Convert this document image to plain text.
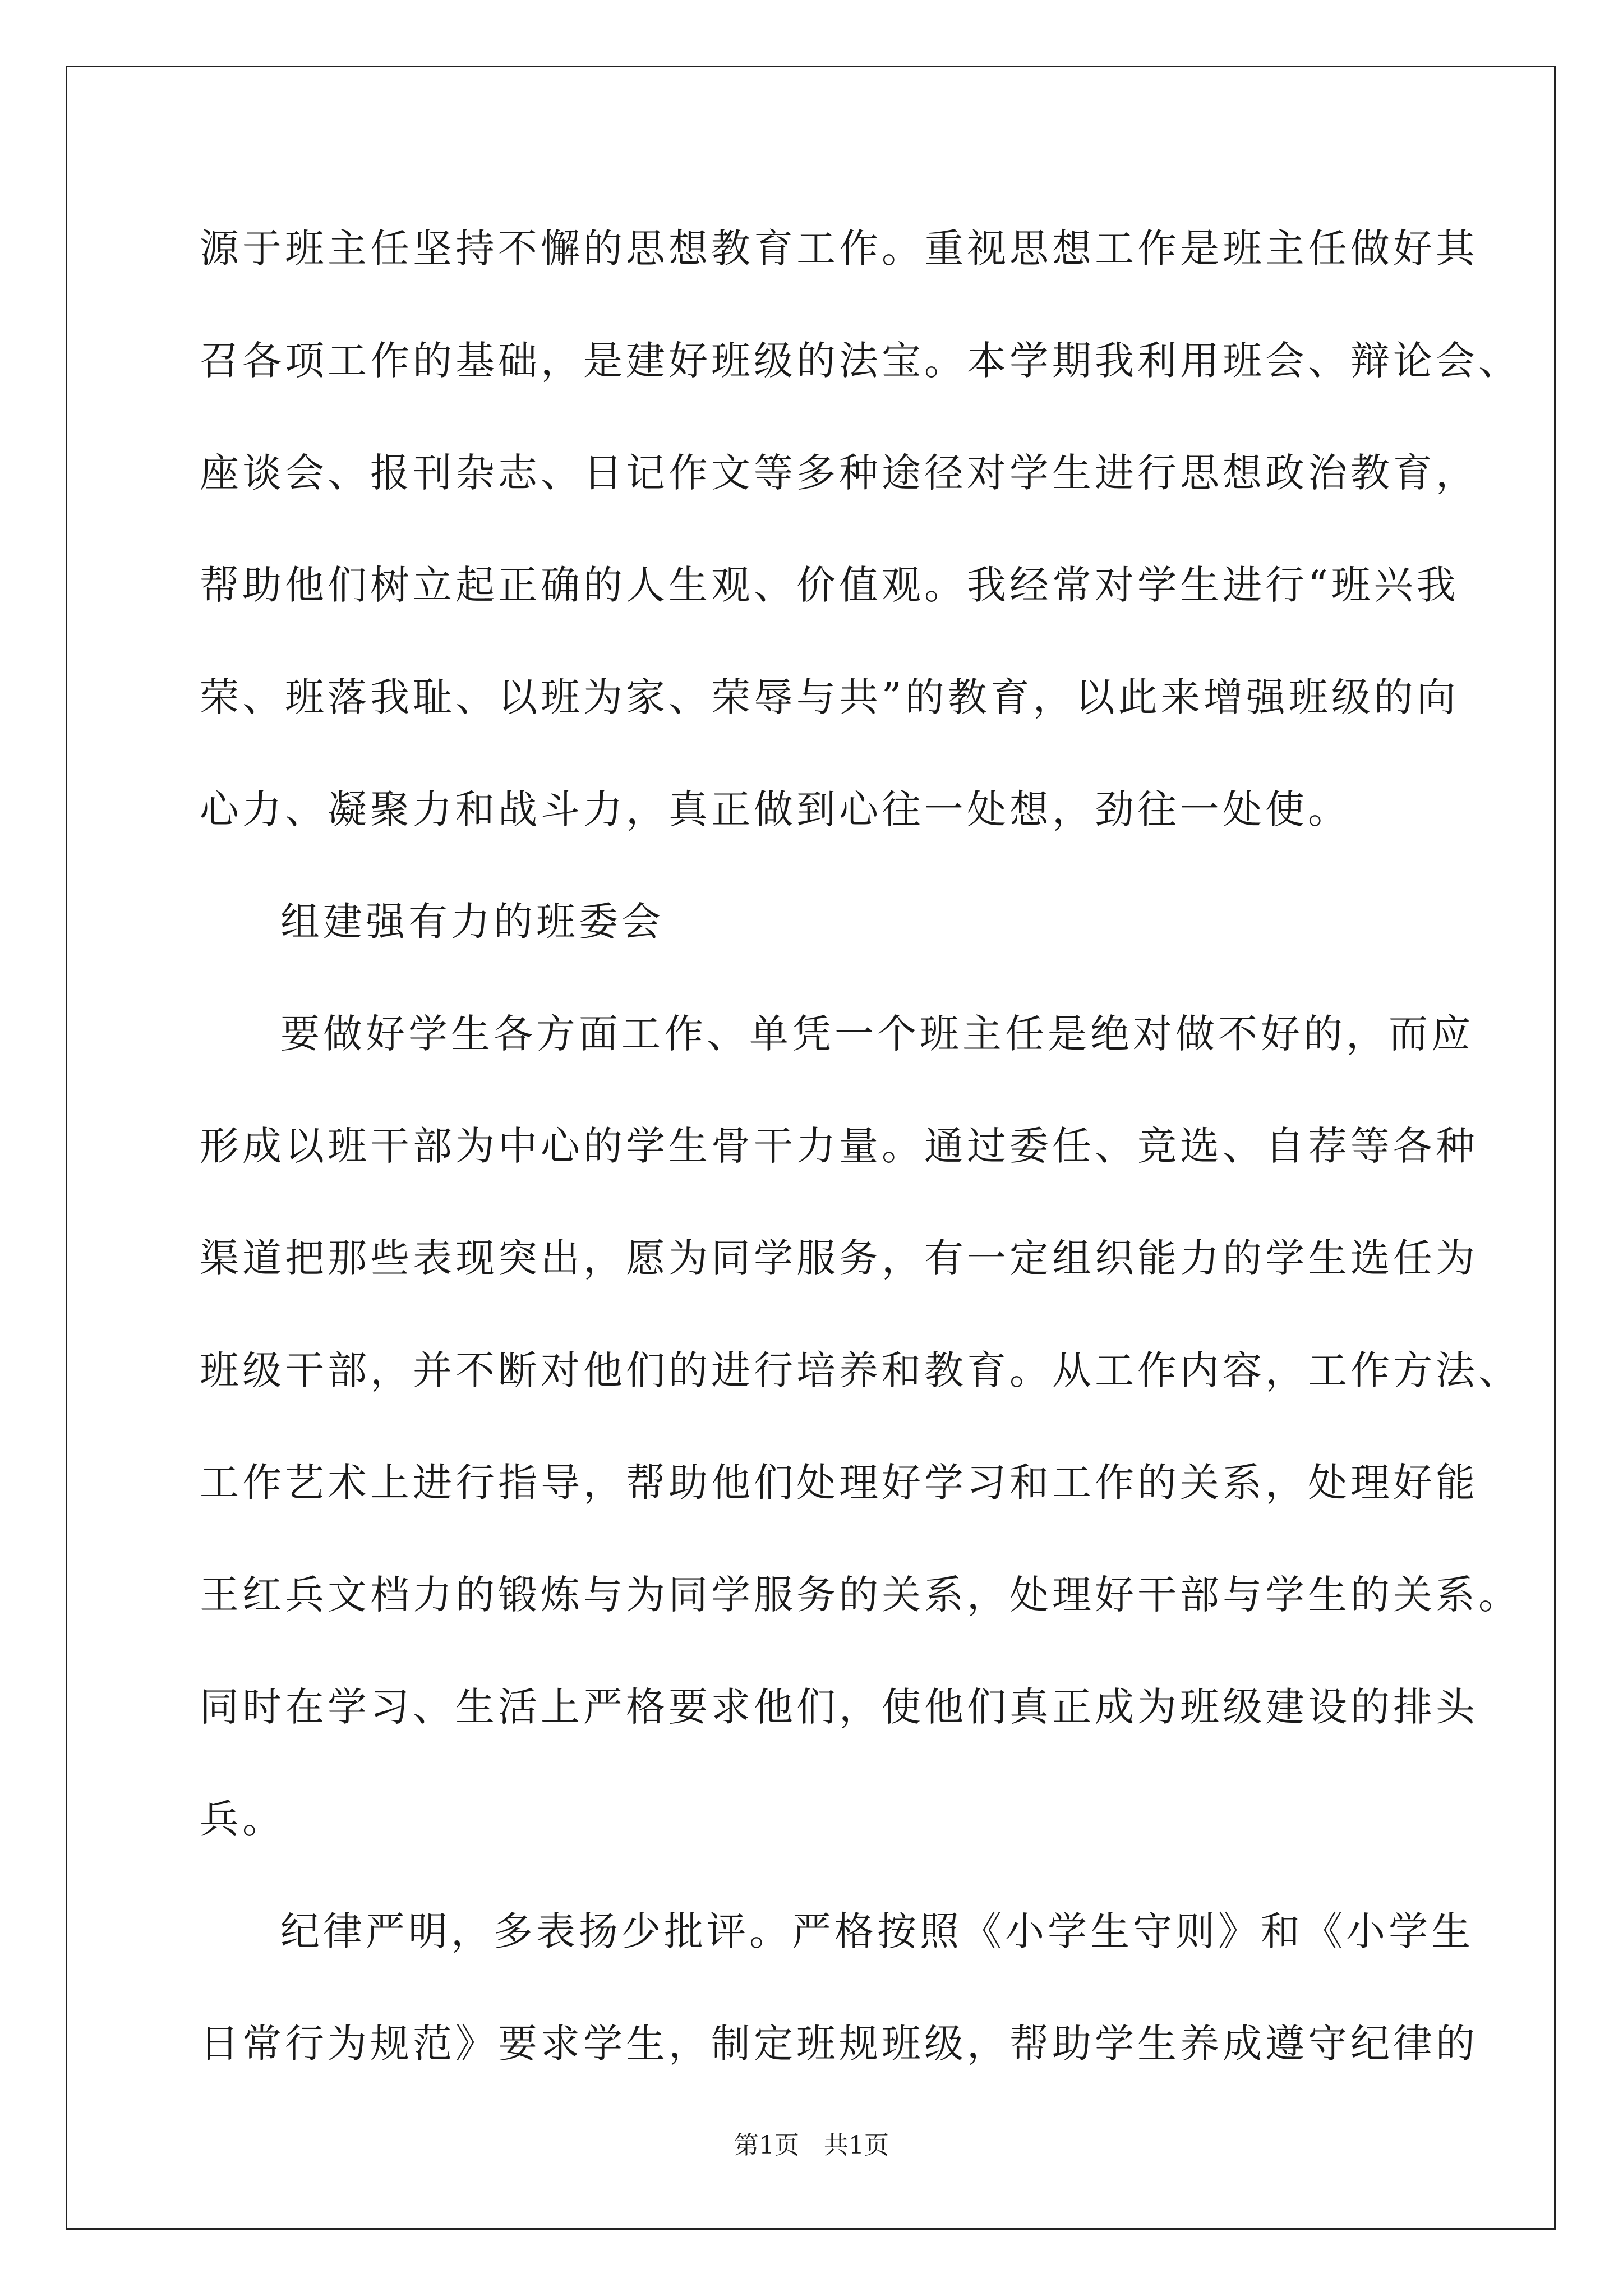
源于班主任坚持不懈的思想教育工作。重视思想工作是班主任做好其
召各项工作的基础，是建好班级的法宝。本学期我利用班会、辩论会、
座谈会、报刊杂志、日记作文等多种途径对学生进行思想政治教育，
帮助他们树立起正确的人生观、价值观。我经常对学生进行“班兴我
荣、班落我耻、以班为家、荣辱与共”的教育，以此来增强班级的向
心力、凝聚力和战斗力，真正做到心往一处想，劲往一处使。
组建强有力的班委会
要做好学生各方面工作、单凭一个班主任是绝对做不好的，而应
形成以班干部为中心的学生骨干力量。通过委任、竞选、自荐等各种
渠道把那些表现突出，愿为同学服务，有一定组织能力的学生选任为
班级干部，并不断对他们的进行培养和教育。从工作内容，工作方法、
工作艺术上进行指导，帮助他们处理好学习和工作的关系，处理好能
王红兵文档力的锻炼与为同学服务的关系，处理好干部与学生的关系。
同时在学习、生活上严格要求他们，使他们真正成为班级建设的排头
兵。
纪律严明，多表扬少批评。严格按照《小学生守则》和《小学生
日常行为规范》要求学生，制定班规班级，帮助学生养成遵守纪律的
第1页　共1页
